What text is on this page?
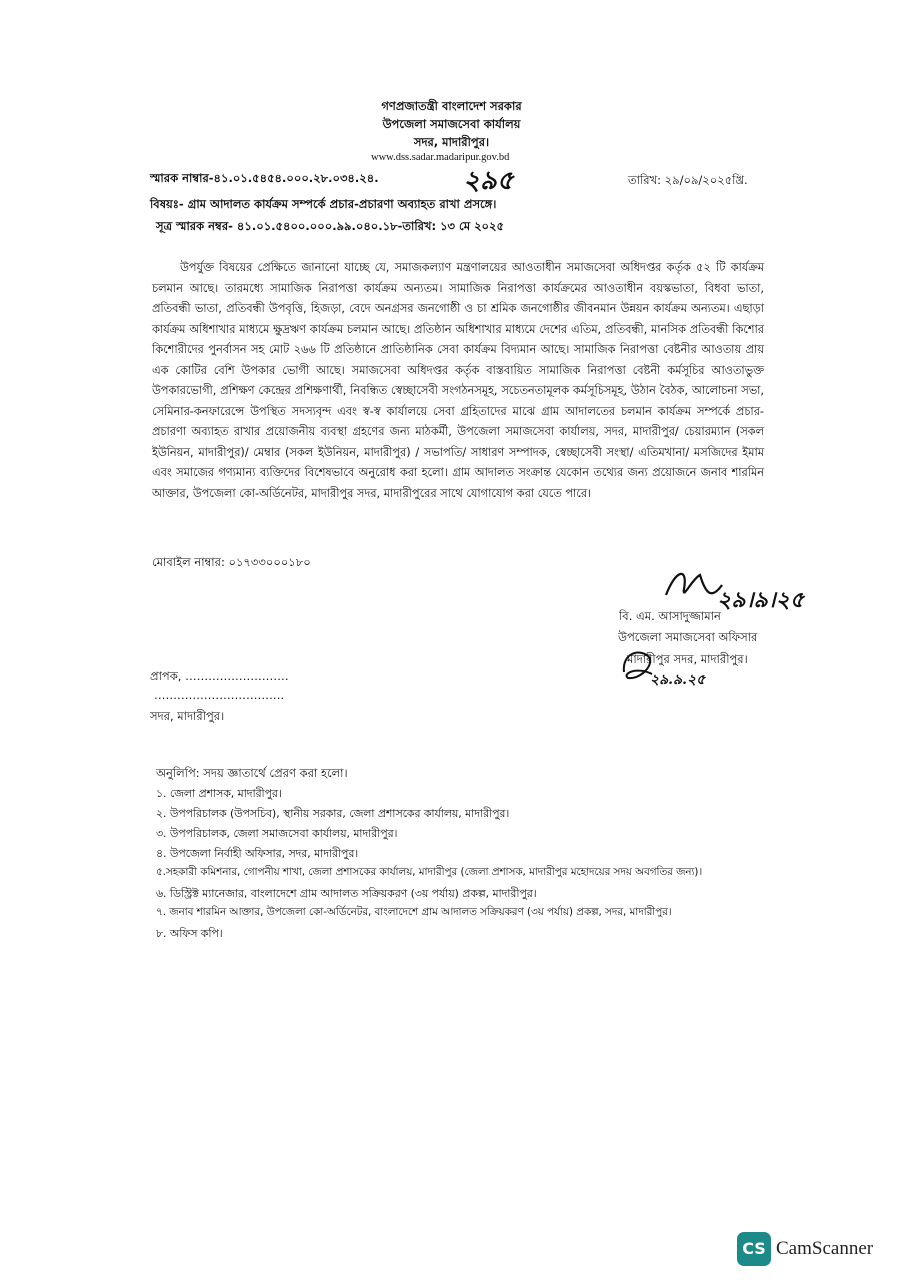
গণপ্রজাতন্ত্রী বাংলাদেশ সরকার
উপজেলা সমাজসেবা কার্যালয়
সদর, মাদারীপুর।
www.dss.sadar.madaripur.gov.bd
স্মারক নাম্বার-৪১.০১.৫৪৫৪.০০০.২৮.০৩৪.২৪.	২৯৫	তারিখ: ২৯/০৯/২০২৫খ্রি.
বিষয়ঃ- গ্রাম আদালত কার্যক্রম সম্পর্কে প্রচার-প্রচারণা অব্যাহত রাখা প্রসঙ্গে।
সূত্র স্মারক নম্বর- ৪১.০১.৫৪০০.০০০.৯৯.০৪০.১৮-তারিখ: ১৩ মে ২০২৫
উপর্যুক্ত বিষয়ের প্রেক্ষিতে জানানো যাচ্ছে যে, সমাজকল্যাণ মন্ত্রণালয়ের আওতাধীন সমাজসেবা অধিদপ্তর কর্তৃক ৫২ টি কার্যক্রম চলমান আছে। তারমধ্যে সামাজিক নিরাপত্তা কার্যক্রম অন্যতম। সামাজিক নিরাপত্তা কার্যক্রমের আওতাধীন বয়স্কভাতা, বিধবা ভাতা, প্রতিবন্ধী ভাতা, প্রতিবন্ধী উপবৃত্তি, হিজড়া, বেদে অনগ্রসর জনগোষ্ঠী ও চা শ্রমিক জনগোষ্ঠীর জীবনমান উন্নয়ন কার্যক্রম অন্যতম। এছাড়া কার্যক্রম অধিশাখার মাধ্যমে ক্ষুদ্রঋণ কার্যক্রম চলমান আছে। প্রতিষ্ঠান অধিশাখার মাধ্যমে দেশের এতিম, প্রতিবন্ধী, মানসিক প্রতিবন্ধী কিশোর কিশোরীদের পুনর্বাসন সহ মোট ২৬৬ টি প্রতিষ্ঠানে প্রাতিষ্ঠানিক সেবা কার্যক্রম বিদ্যমান আছে। সামাজিক নিরাপত্তা বেষ্টনীর আওতায় প্রায় এক কোটির বেশি উপকার ভোগী আছে। সমাজসেবা অধিদপ্তর কর্তৃক বাস্তবায়িত সামাজিক নিরাপত্তা বেষ্টনী কর্মসূচির আওতাভুক্ত উপকারভোগী, প্রশিক্ষণ কেন্দ্রের প্রশিক্ষণার্থী, নিবন্ধিত স্বেচ্ছাসেবী সংগঠনসমূহ, সচেতনতামূলক কর্মসূচিসমূহ, উঠান বৈঠক, আলোচনা সভা, সেমিনার-কনফারেন্সে উপস্থিত সদস্যবৃন্দ এবং স্ব-স্ব কার্যালয়ে সেবা গ্রহিতাদের মাঝে গ্রাম আদালতের চলমান কার্যক্রম সম্পর্কে প্রচার-প্রচারণা অব্যাহত রাখার প্রয়োজনীয় ব্যবস্থা গ্রহণের জন্য মাঠকর্মী, উপজেলা সমাজসেবা কার্যালয়, সদর, মাদারীপুর/ চেয়ারম্যান (সকল ইউনিয়ন, মাদারীপুর)/ মেম্বার (সকল ইউনিয়ন, মাদারীপুর) / সভাপতি/ সাধারণ সম্পাদক, স্বেচ্ছাসেবী সংস্থা/ এতিমখানা/ মসজিদের ইমাম এবং সমাজের গণ্যমান্য ব্যক্তিদের বিশেষভাবে অনুরোধ করা হলো। গ্রাম আদালত সংক্রান্ত যেকোন তথ্যের জন্য প্রয়োজনে জনাব শারমিন আক্তার, উপজেলা কো-অর্ডিনেটর, মাদারীপুর সদর, মাদারীপুরের সাথে যোগাযোগ করা যেতে পারে।
মোবাইল নাম্বার: ০১৭৩৩০০০১৮০
২৯।৯।২৫
বি. এম. আসাদুজ্জামান
উপজেলা সমাজসেবা অফিসার
মাদারীপুর সদর, মাদারীপুর।
২৯.৯.২৫
প্রাপক, ………………………
…………………………….
সদর, মাদারীপুর।
অনুলিপি: সদয় জ্ঞাতার্থে প্রেরণ করা হলো।
১. জেলা প্রশাসক, মাদারীপুর।
২. উপপরিচালক (উপসচিব), স্থানীয় সরকার, জেলা প্রশাসকের কার্যালয়, মাদারীপুর।
৩. উপপরিচালক, জেলা সমাজসেবা কার্যালয়, মাদারীপুর।
৪. উপজেলা নির্বাহী অফিসার, সদর, মাদারীপুর।
৫.সহকারী কমিশনার, গোপনীয় শাখা, জেলা প্রশাসকের কার্যালয়, মাদারীপুর (জেলা প্রশাসক, মাদারীপুর মহোদয়ের সদয় অবগতির জন্য)।
৬. ডিস্ট্রিক্ট ম্যানেজার, বাংলাদেশে গ্রাম আদালত সক্রিয়করণ (৩য় পর্যায়) প্রকল্প, মাদারীপুর।
৭. জনাব শারমিন আক্তার, উপজেলা কো-অর্ডিনেটর, বাংলাদেশে গ্রাম আদালত সক্রিয়করণ (৩য় পর্যায়) প্রকল্প, সদর, মাদারীপুর।
৮. অফিস কপি।
CS CamScanner
